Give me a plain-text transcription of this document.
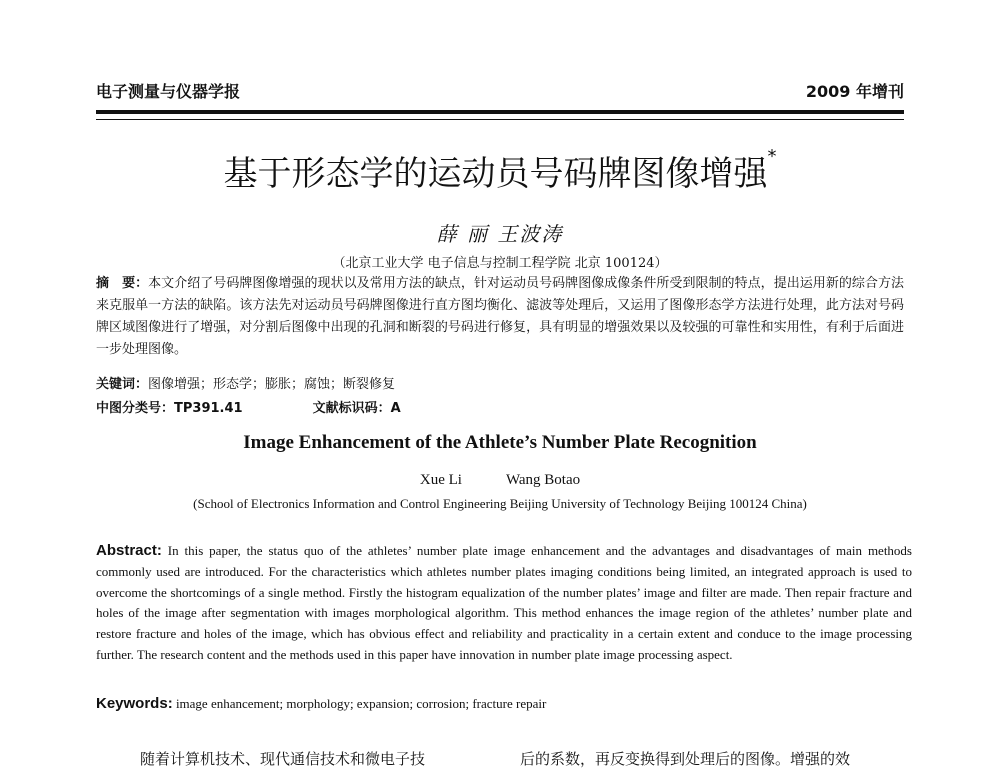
电子测量与仪器学报	2009 年增刊
基于形态学的运动员号码牌图像增强*
薛 丽 王波涛
（北京工业大学 电子信息与控制工程学院 北京 100124）
摘　要：本文介绍了号码牌图像增强的现状以及常用方法的缺点，针对运动员号码牌图像成像条件所受到限制的特点，提出运用新的综合方法来克服单一方法的缺陷。该方法先对运动员号码牌图像进行直方图均衡化、滤波等处理后，又运用了图像形态学方法进行处理，此方法对号码牌区域图像进行了增强，对分割后图像中出现的孔洞和断裂的号码进行修复，具有明显的增强效果以及较强的可靠性和实用性，有利于后面进一步处理图像。
关键词：图像增强；形态学；膨胀；腐蚀；断裂修复
中图分类号：TP391.41	文献标识码：A
Image Enhancement of the Athlete’s Number Plate Recognition
Xue Li	Wang Botao
(School of Electronics Information and Control Engineering Beijing University of Technology Beijing 100124 China)
Abstract: In this paper, the status quo of the athletes’ number plate image enhancement and the advantages and disadvantages of main methods commonly used are introduced. For the characteristics which athletes number plates imaging conditions being limited, an integrated approach is used to overcome the shortcomings of a single method. Firstly the histogram equalization of the number plates’ image and filter are made. Then repair fracture and holes of the image after segmentation with images morphological algorithm. This method enhances the image region of the athletes’ number plate and restore fracture and holes of the image, which has obvious effect and reliability and practicality in a certain extent and conduce to the image processing further. The research content and the methods used in this paper have innovation in number plate image processing aspect.
Keywords: image enhancement; morphology; expansion; corrosion; fracture repair
随着计算机技术、现代通信技术和微电子技	后的系数，再反变换得到处理后的图像。增强的效
